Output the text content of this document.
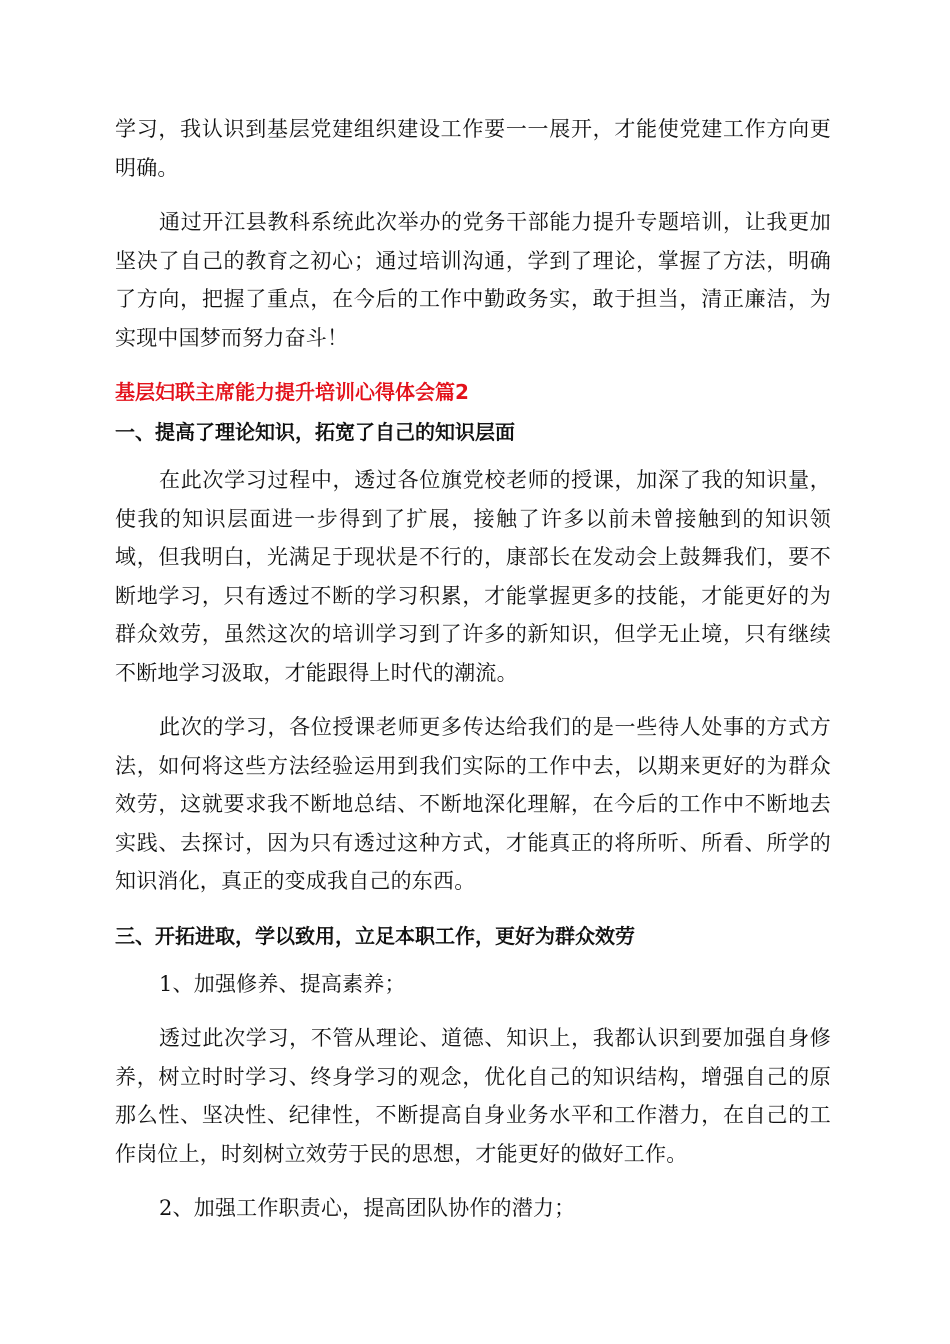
学习，我认识到基层党建组织建设工作要一一展开，才能使党建工作方向更明确。

通过开江县教科系统此次举办的党务干部能力提升专题培训，让我更加坚决了自己的教育之初心；通过培训沟通，学到了理论，掌握了方法，明确了方向，把握了重点，在今后的工作中勤政务实，敢于担当，清正廉洁，为实现中国梦而努力奋斗！

基层妇联主席能力提升培训心得体会篇2
一、提高了理论知识，拓宽了自己的知识层面

在此次学习过程中，透过各位旗党校老师的授课，加深了我的知识量，使我的知识层面进一步得到了扩展，接触了许多以前未曾接触到的知识领域，但我明白，光满足于现状是不行的，康部长在发动会上鼓舞我们，要不断地学习，只有透过不断的学习积累，才能掌握更多的技能，才能更好的为群众效劳，虽然这次的培训学习到了许多的新知识，但学无止境，只有继续不断地学习汲取，才能跟得上时代的潮流。

此次的学习，各位授课老师更多传达给我们的是一些待人处事的方式方法，如何将这些方法经验运用到我们实际的工作中去，以期来更好的为群众效劳，这就要求我不断地总结、不断地深化理解，在今后的工作中不断地去实践、去探讨，因为只有透过这种方式，才能真正的将所听、所看、所学的知识消化，真正的变成我自己的东西。

三、开拓进取，学以致用，立足本职工作，更好为群众效劳

1、加强修养、提高素养；

透过此次学习，不管从理论、道德、知识上，我都认识到要加强自身修养，树立时时学习、终身学习的观念，优化自己的知识结构，增强自己的原那么性、坚决性、纪律性，不断提高自身业务水平和工作潜力，在自己的工作岗位上，时刻树立效劳于民的思想，才能更好的做好工作。

2、加强工作职责心，提高团队协作的潜力；
